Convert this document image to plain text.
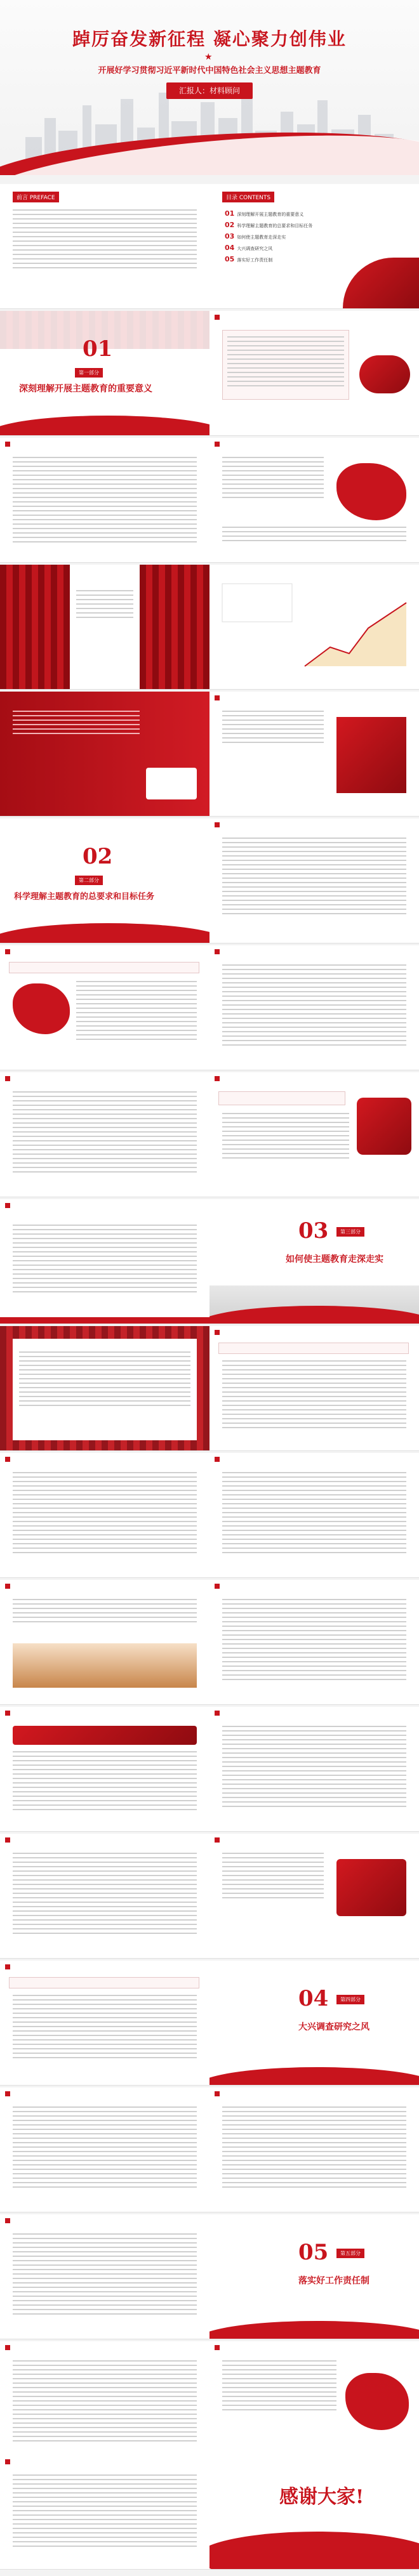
踔厉奋发新征程 凝心聚力创伟业
★
开展好学习贯彻习近平新时代中国特色社会主义思想主题教育
汇报人：材料顾问
前言 PREFACE	目录 CONTENTS
01 深刻理解开展主题教育的重要意义
02 科学理解主题教育的总要求和目标任务
03 如何使主题教育走深走实
04 大兴调查研究之风
05 落实好工作责任制
01
第一部分
深刻理解开展主题教育的重要意义
02
第二部分
科学理解主题教育的总要求和目标任务
03	第三部分
如何使主题教育走深走实
04	第四部分
大兴调查研究之风
05	第五部分
落实好工作责任制
感谢大家!
